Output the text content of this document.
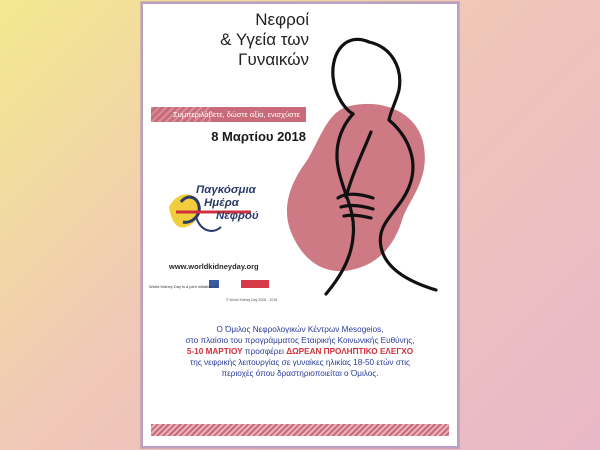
Νεφροί
& Υγεία των
Γυναικών
Συμπεριλάβετε, δώστε αξία, ενισχύστε
8 Μαρτίου 2018
Παγκόσμια
Ημέρα
Νεφρού
www.worldkidneyday.org
World Kidney Day is a joint initiative of
© World Kidney Day 2006 - 2018
Ο Όμιλος Νεφρολογικών Κέντρων Mesogeios,
στο πλαίσιο του προγράμματος Εταιρικής Κοινωνικής Ευθύνης,
5-10 ΜΑΡΤΙΟΥ προσφέρει ΔΩΡΕΑΝ ΠΡΟΛΗΠΤΙΚΟ ΕΛΕΓΧΟ
της νεφρικής λειτουργίας σε γυναίκες ηλικίας 18-50 ετών στις
περιοχές όπου δραστηριοποιείται ο Όμιλος.
